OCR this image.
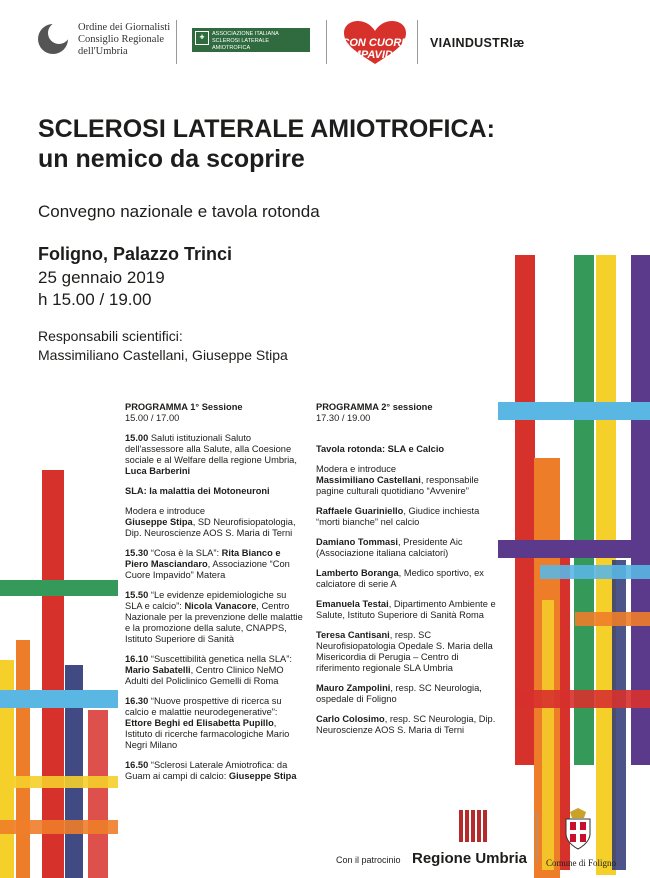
Ordine dei Giornalisti
Consiglio Regionale
dell'Umbria
ASSOCIAZIONE ITALIANA
SCLEROSI LATERALE AMIOTROFICA
✚	CON CUORE
IMPAVIDO
VIAINDUSTRIæ
SCLEROSI LATERALE AMIOTROFICA:
un nemico da scoprire
Convegno nazionale e tavola rotonda
Foligno, Palazzo Trinci
25 gennaio 2019
h 15.00 / 19.00
Responsabili scientifici:
Massimiliano Castellani, Giuseppe Stipa

PROGRAMMA 1° Sessione
15.00 / 17.00

15.00 Saluti istituzionali Saluto dell'assessore alla Salute, alla Coesione sociale e al Welfare della regione Umbria, Luca Barberini

SLA: la malattia dei Motoneuroni

Modera e introduce
Giuseppe Stipa, SD Neurofisiopatologia, Dip. Neuroscienze AOS S. Maria di Terni

15.30 “Cosa è la SLA”: Rita Bianco e Piero Masciandaro, Associazione “Con Cuore Impavido” Matera

15.50 “Le evidenze epidemiologiche su SLA e calcio”: Nicola Vanacore, Centro Nazionale per la prevenzione delle malattie e la promozione della salute, CNAPPS, Istituto Superiore di Sanità

16.10 “Suscettibilità genetica nella SLA”: Mario Sabatelli, Centro Clinico NeMO Adulti del Policlinico Gemelli di Roma

16.30 “Nuove prospettive di ricerca su calcio e malattie neurodegenerative”: Ettore Beghi ed Elisabetta Pupillo, Istituto di ricerche farmacologiche Mario Negri Milano

16.50 “Sclerosi Laterale Amiotrofica: da Guam ai campi di calcio: Giuseppe Stipa

PROGRAMMA 2° sessione
17.30 / 19.00

Tavola rotonda: SLA e Calcio

Modera e introduce
Massimiliano Castellani, responsabile pagine culturali quotidiano “Avvenire”

Raffaele Guariniello, Giudice inchiesta “morti bianche” nel calcio

Damiano Tommasi, Presidente Aic (Associazione italiana calciatori)

Lamberto Boranga, Medico sportivo, ex calciatore di serie A

Emanuela Testai, Dipartimento Ambiente e Salute, Istituto Superiore di Sanità Roma

Teresa Cantisani, resp. SC Neurofisiopatologia Opedale S. Maria della Misericordia di Perugia – Centro di riferimento regionale SLA Umbria

Mauro Zampolini, resp. SC Neurologia, ospedale di Foligno

Carlo Colosimo, resp. SC Neurologia, Dip. Neuroscienze AOS S. Maria di Terni

Con il patrocinio Regione Umbria Comune di Foligno
